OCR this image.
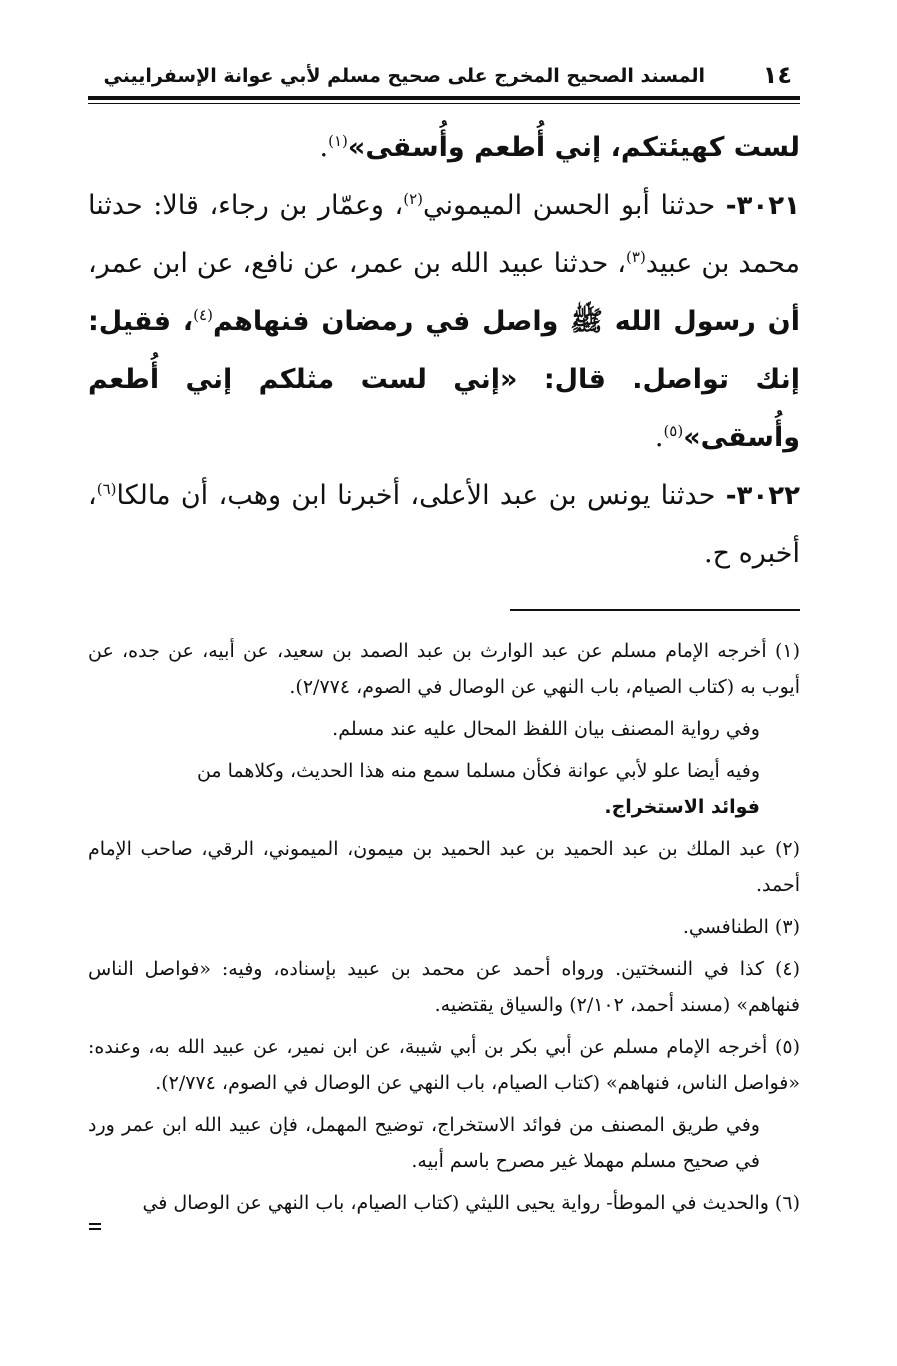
١٤
المسند الصحيح المخرج على صحيح مسلم لأبي عوانة الإسفراييني

لست كهيئتكم، إني أُطعم وأُسقى»$^{(١)}$.

٣٠٢١- حدثنا أبو الحسن الميموني$^{(٢)}$، وعمّار بن رجاء، قالا: حدثنا محمد بن عبيد$^{(٣)}$، حدثنا عبيد الله بن عمر، عن نافع، عن ابن عمر، أن رسول الله ﷺ واصل في رمضان فنهاهم$^{(٤)}$، فقيل: إنك تواصل. قال: «إني لست مثلكم إني أُطعم وأُسقى»$^{(٥)}$.

٣٠٢٢- حدثنا يونس بن عبد الأعلى، أخبرنا ابن وهب، أن مالكا$^{(٦)}$، أخبره ح.

(١) أخرجه الإمام مسلم عن عبد الوارث بن عبد الصمد بن سعيد، عن أبيه، عن جده، عن أيوب به (كتاب الصيام، باب النهي عن الوصال في الصوم، ٢/٧٧٤).

وفي رواية المصنف بيان اللفظ المحال عليه عند مسلم.

وفيه أيضا علو لأبي عوانة فكأن مسلما سمع منه هذا الحديث، وكلاهما من
فوائد الاستخراج.

(٢) عبد الملك بن عبد الحميد بن عبد الحميد بن ميمون، الميموني، الرقي، صاحب الإمام أحمد.

(٣) الطنافسي.

(٤) كذا في النسختين. ورواه أحمد عن محمد بن عبيد بإسناده، وفيه: «فواصل الناس فنهاهم» (مسند أحمد، ٢/١٠٢) والسياق يقتضيه.

(٥) أخرجه الإمام مسلم عن أبي بكر بن أبي شيبة، عن ابن نمير، عن عبيد الله به، وعنده: «فواصل الناس، فنهاهم» (كتاب الصيام، باب النهي عن الوصال في الصوم، ٢/٧٧٤).

وفي طريق المصنف من فوائد الاستخراج، توضيح المهمل، فإن عبيد الله ابن عمر ورد في صحيح مسلم مهملا غير مصرح باسم أبيه.

(٦) والحديث في الموطأ- رواية يحيى الليثي (كتاب الصيام، باب النهي عن الوصال في
